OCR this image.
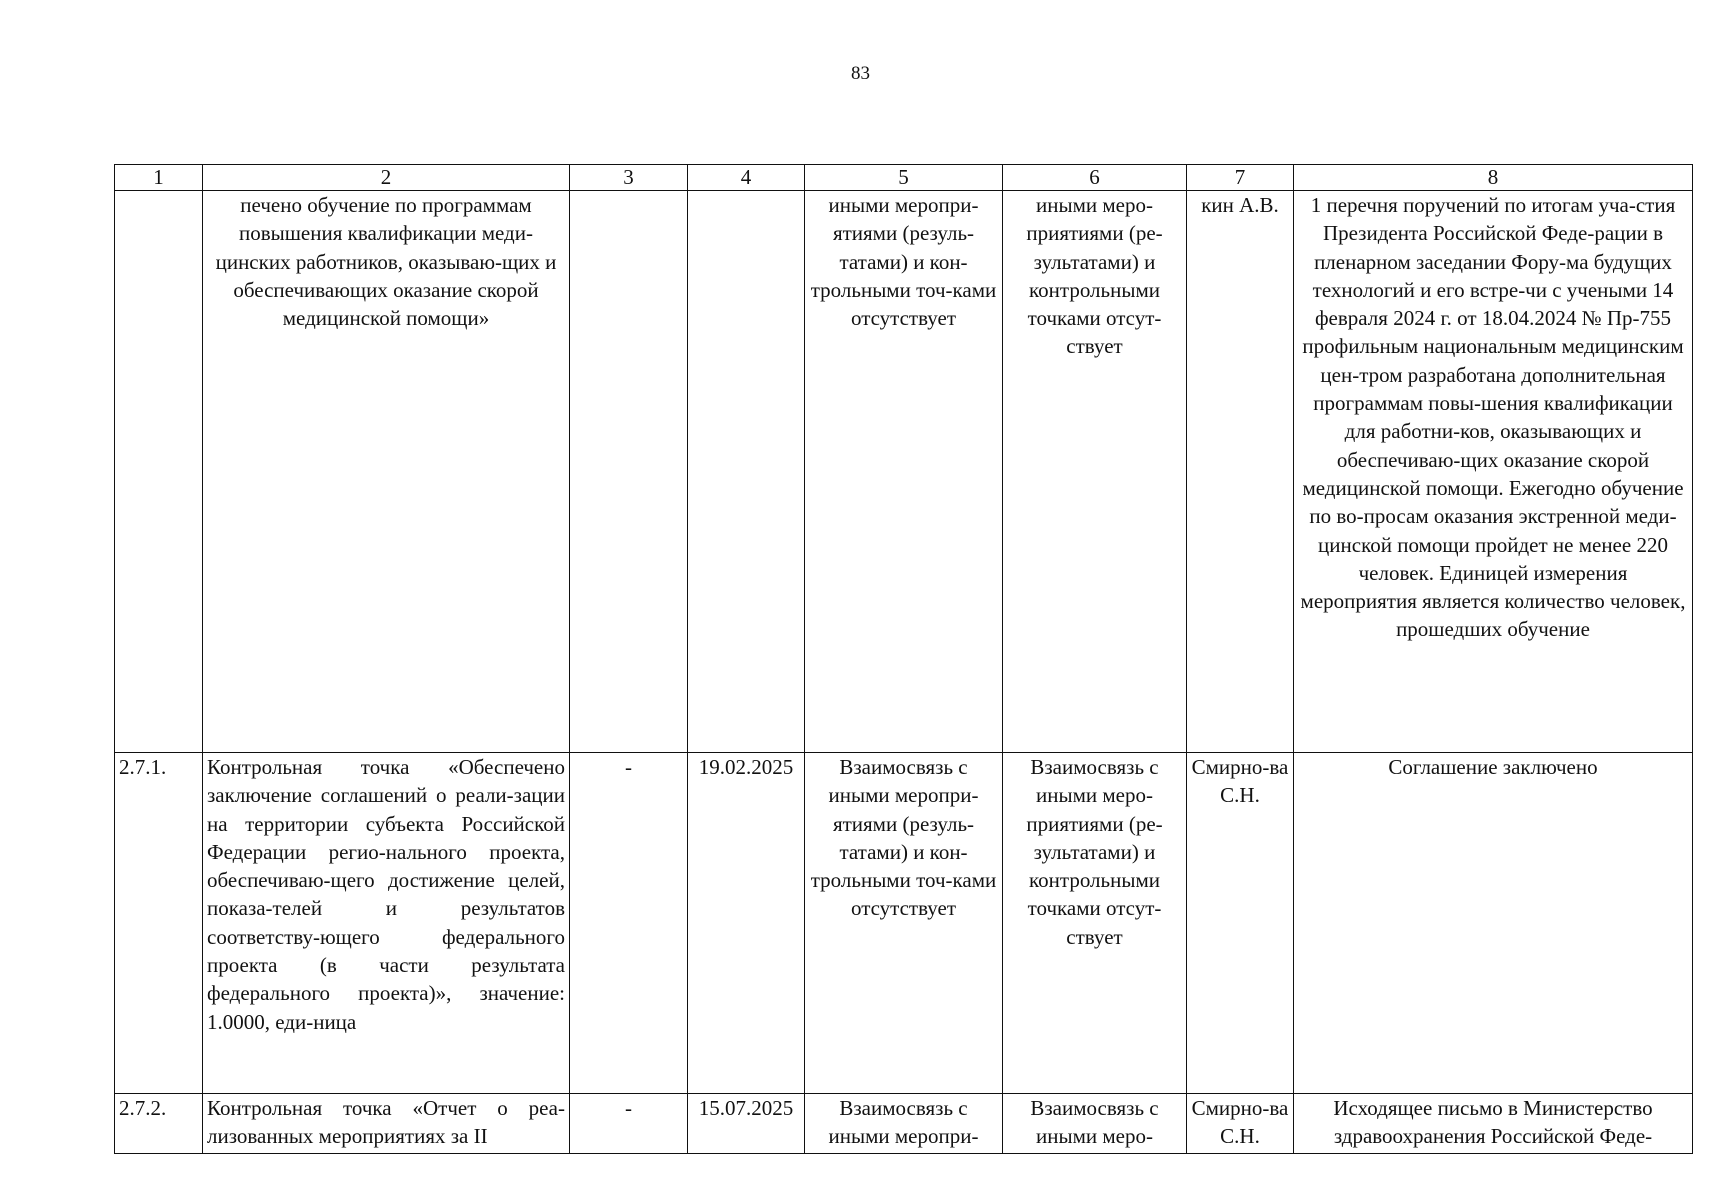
83
1	2	3	4	5	6	7	8
	печено обучение по программам повышения квалификации меди-цинских работников, оказываю-щих и обеспечивающих оказание скорой медицинской помощи»			иными меропри-ятиями (резуль-татами) и кон-трольными точ-ками отсутствует	иными меро-приятиями (ре-зультатами) и контрольными точками отсут-ствует	кин А.В.	1 перечня поручений по итогам уча-стия Президента Российской Феде-рации в пленарном заседании Фору-ма будущих технологий и его встре-чи с учеными 14 февраля 2024 г. от 18.04.2024 № Пр-755 профильным национальным медицинским цен-тром разработана дополнительная программам повы-шения квалификации для работни-ков, оказывающих и обеспечиваю-щих оказание скорой медицинской помощи. Ежегодно обучение по во-просам оказания экстренной меди-цинской помощи пройдет не менее 220 человек. Единицей измерения мероприятия является количество человек, прошедших обучение
2.7.1.	Контрольная точка «Обеспечено заключение соглашений о реали-зации на территории субъекта Российской Федерации регио-нального проекта, обеспечиваю-щего достижение целей, показа-телей и результатов соответству-ющего федерального проекта (в части результата федерального проекта)», значение: 1.0000, еди-ница	-	19.02.2025	Взаимосвязь с иными меропри-ятиями (резуль-татами) и кон-трольными точ-ками отсутствует	Взаимосвязь с иными меро-приятиями (ре-зультатами) и контрольными точками отсут-ствует	Смирно-ва С.Н.	Соглашение заключено
2.7.2.	Контрольная точка «Отчет о реа-лизованных мероприятиях за II	-	15.07.2025	Взаимосвязь с иными меропри-	Взаимосвязь с иными меро-	Смирно-ва С.Н.	Исходящее письмо в Министерство здравоохранения Российской Феде-
